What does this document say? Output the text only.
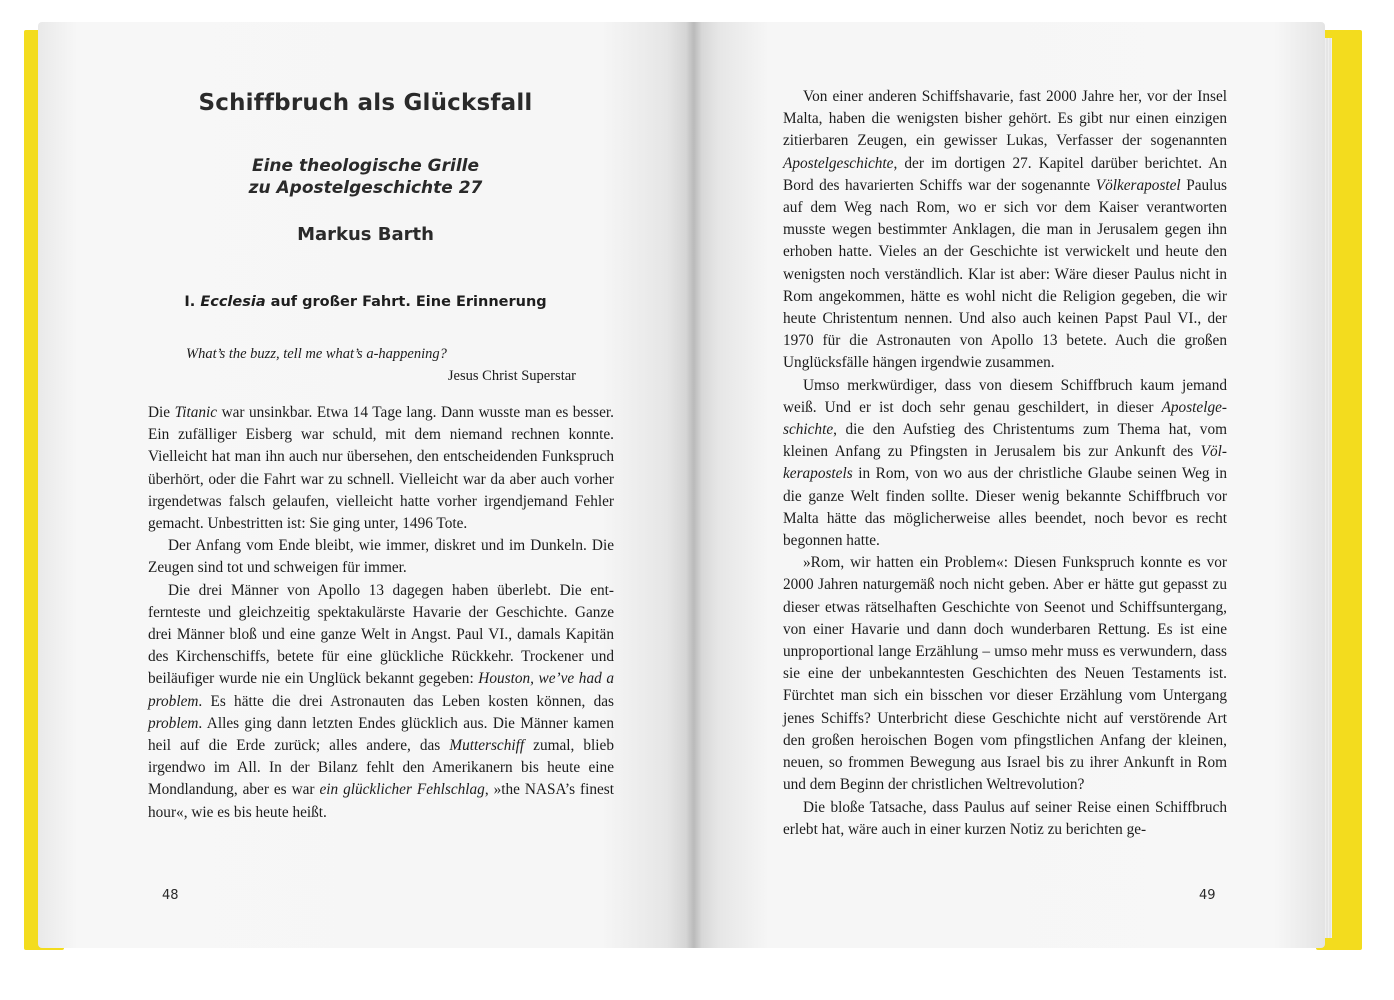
Schiffbruch als Glücksfall
Eine theologische Grille
zu Apostelgeschichte 27
Markus Barth
I. Ecclesia auf großer Fahrt. Eine Erinnerung
What’s the buzz, tell me what’s a-happening?
Jesus Christ Superstar

Die Titanic war unsinkbar. Etwa 14 Tage lang. Dann wusste man es besser. Ein zufälliger Eisberg war schuld, mit dem niemand rechnen konnte. Vielleicht hat man ihn auch nur übersehen, den entscheidenden Funkspruch überhört, oder die Fahrt war zu schnell. Vielleicht war da aber auch vorher irgendetwas falsch gelaufen, vielleicht hatte vorher irgendjemand Fehler gemacht. Unbestritten ist: Sie ging unter, 1496 Tote.

Der Anfang vom Ende bleibt, wie immer, diskret und im Dunkeln. Die Zeugen sind tot und schweigen für immer.

Die drei Männer von Apollo 13 dagegen haben überlebt. Die entfernteste und gleichzeitig spektakulärste Havarie der Geschichte. Ganze drei Männer bloß und eine ganze Welt in Angst. Paul VI., damals Kapitän des Kirchenschiffs, betete für eine glückliche Rückkehr. Trockener und beiläufiger wurde nie ein Unglück bekannt gegeben: Houston, we’ve had a problem. Es hätte die drei Astronauten das Leben kosten können, das problem. Alles ging dann letzten Endes glücklich aus. Die Männer kamen heil auf die Erde zurück; alles andere, das Mutterschiff zumal, blieb irgendwo im All. In der Bilanz fehlt den Amerikanern bis heute eine Mondlandung, aber es war ein glücklicher Fehlschlag, »the NASA’s finest hour«, wie es bis heute heißt.

48

Von einer anderen Schiffshavarie, fast 2000 Jahre her, vor der Insel Malta, haben die wenigsten bisher gehört. Es gibt nur einen einzigen zitierbaren Zeugen, ein gewisser Lukas, Verfasser der sogenannten Apostelgeschichte, der im dortigen 27. Kapitel darüber berichtet. An Bord des havarierten Schiffs war der sogenannte Völkerapostel Paulus auf dem Weg nach Rom, wo er sich vor dem Kaiser verantworten musste wegen bestimmter Anklagen, die man in Jerusalem gegen ihn erhoben hatte. Vieles an der Geschichte ist verwickelt und heute den wenigsten noch verständlich. Klar ist aber: Wäre dieser Paulus nicht in Rom angekommen, hätte es wohl nicht die Religion gegeben, die wir heute Christentum nennen. Und also auch keinen Papst Paul VI., der 1970 für die Astronauten von Apollo 13 betete. Auch die großen Unglücksfälle hängen irgendwie zusammen.

Umso merkwürdiger, dass von diesem Schiffbruch kaum jemand weiß. Und er ist doch sehr genau geschildert, in dieser Apostelgeschichte, die den Aufstieg des Christentums zum Thema hat, vom kleinen Anfang zu Pfingsten in Jerusalem bis zur Ankunft des Völkerapostels in Rom, von wo aus der christliche Glaube seinen Weg in die ganze Welt finden sollte. Dieser wenig bekannte Schiffbruch vor Malta hätte das möglicherweise alles beendet, noch bevor es recht begonnen hatte.

»Rom, wir hatten ein Problem«: Diesen Funkspruch konnte es vor 2000 Jahren naturgemäß noch nicht geben. Aber er hätte gut gepasst zu dieser etwas rätselhaften Geschichte von Seenot und Schiffsuntergang, von einer Havarie und dann doch wunderbaren Rettung. Es ist eine unproportional lange Erzählung – umso mehr muss es verwundern, dass sie eine der unbekanntesten Geschichten des Neuen Testaments ist. Fürchtet man sich ein bisschen vor dieser Erzählung vom Untergang jenes Schiffs? Unterbricht diese Geschichte nicht auf verstörende Art den großen heroischen Bogen vom pfingstlichen Anfang der kleinen, neuen, so frommen Bewegung aus Israel bis zu ihrer Ankunft in Rom und dem Beginn der christlichen Weltrevolution?

Die bloße Tatsache, dass Paulus auf seiner Reise einen Schiffbruch erlebt hat, wäre auch in einer kurzen Notiz zu berichten ge-

49
